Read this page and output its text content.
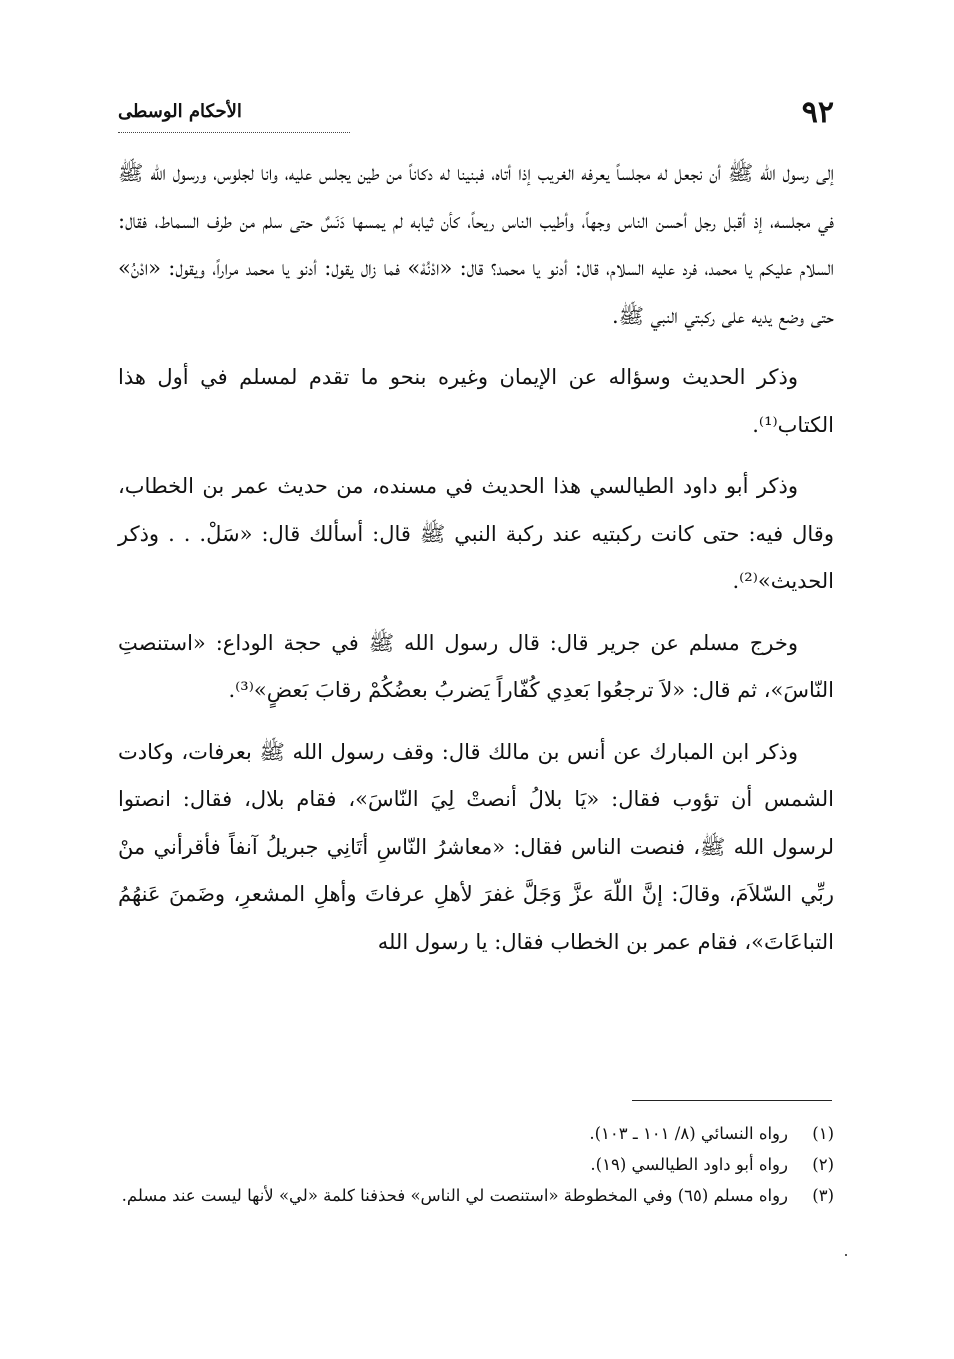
٩٢
الأحكام الوسطى

إلى رسول الله ﷺ أن نجعل له مجلساً يعرفه الغريب إذا أتاه، فبنينا له دكاناً من طين يجلس عليه، وانا لجلوس، ورسول الله ﷺ في مجلسه، إذ أقبل رجل أحسن الناس وجهاً، وأطيب الناس ريحاً، كأن ثيابه لم يمسها دَنَسٌ حتى سلم من طرف السماط، فقال: السلام عليكم يا محمد، فرد عليه السلام، قال: أدنو يا محمد؟ قال: «ادْنُهْ» فما زال يقول: أدنو يا محمد مراراً، ويقول: «ادْنُ» حتى وضع يديه على ركبتي النبي ﷺ.

وذكر الحديث وسؤاله عن الإيمان وغيره بنحو ما تقدم لمسلم في أول هذا الكتاب⁽¹⁾.

وذكر أبو داود الطيالسي هذا الحديث في مسنده، من حديث عمر بن الخطاب، وقال فيه: حتى كانت ركبتيه عند ركبة النبي ﷺ قال: أسألك قال: «سَلْ. . . وذكر الحديث»⁽²⁾.

وخرج مسلم عن جرير قال: قال رسول الله ﷺ في حجة الوداع: «استنصتِ النّاسَ»، ثم قال: «لاَ ترجعُوا بَعدِي كُفّاراً يَضربُ بعضُكُمْ رقابَ بَعضٍ»⁽³⁾.

وذكر ابن المبارك عن أنس بن مالك قال: وقف رسول الله ﷺ بعرفات، وكادت الشمس أن تؤوب فقال: «يَا بلالُ أنصتْ لِيَ النّاسَ»، فقام بلال، فقال: انصتوا لرسول الله ﷺ، فنصت الناس فقال: «معاشرُ النّاسِ أتَانِي جبريلُ آنفاً فأقرأني منْ ربِّي السّلاَمَ، وقالَ: إنَّ اللّهَ عزَّ وَجَلَّ غفرَ لأهلِ عرفاتَ وأهلِ المشعرِ، وضَمنَ عَنهُمُ التباعَاتَ»، فقام عمر بن الخطاب فقال: يا رسول الله

(١)
رواه النسائي (٨/ ١٠١ ـ ١٠٣).
(٢)
رواه أبو داود الطيالسي (١٩).
(٣)
رواه مسلم (٦٥) وفي المخطوطة «استنصت لي الناس» فحذفنا كلمة «لي» لأنها ليست عند مسلم.
